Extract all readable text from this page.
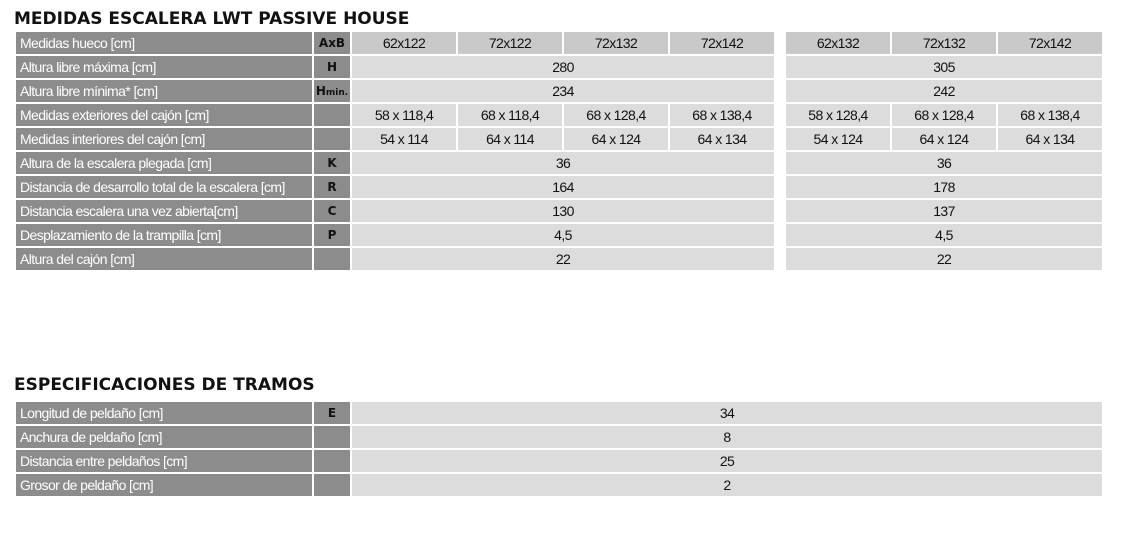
MEDIDAS ESCALERA LWT PASSIVE HOUSE
Medidas hueco [cm]	AxB	62x122	72x122	72x132	72x142		62x132	72x132	72x142
Altura libre máxima [cm]	H	280					305		
Altura libre mínima* [cm]	Hmin.	234					242		
Medidas exteriores del cajón [cm]		58 x 118,4	68 x 118,4	68 x 128,4	68 x 138,4		58 x 128,4	68 x 128,4	68 x 138,4
Medidas interiores del cajón [cm]		54 x 114	64 x 114	64 x 124	64 x 134		54 x 124	64 x 124	64 x 134
Altura de la escalera plegada [cm]	K	36					36		
Distancia de desarrollo total de la escalera [cm]	R	164					178		
Distancia escalera una vez abierta[cm]	C	130					137		
Desplazamiento de la trampilla [cm]	P	4,5					4,5		
Altura del cajón [cm]		22					22		
ESPECIFICACIONES DE TRAMOS
Longitud de peldaño [cm]	E	34
Anchura de peldaño [cm]		8
Distancia entre peldaños [cm]		25
Grosor de peldaño [cm]		2
